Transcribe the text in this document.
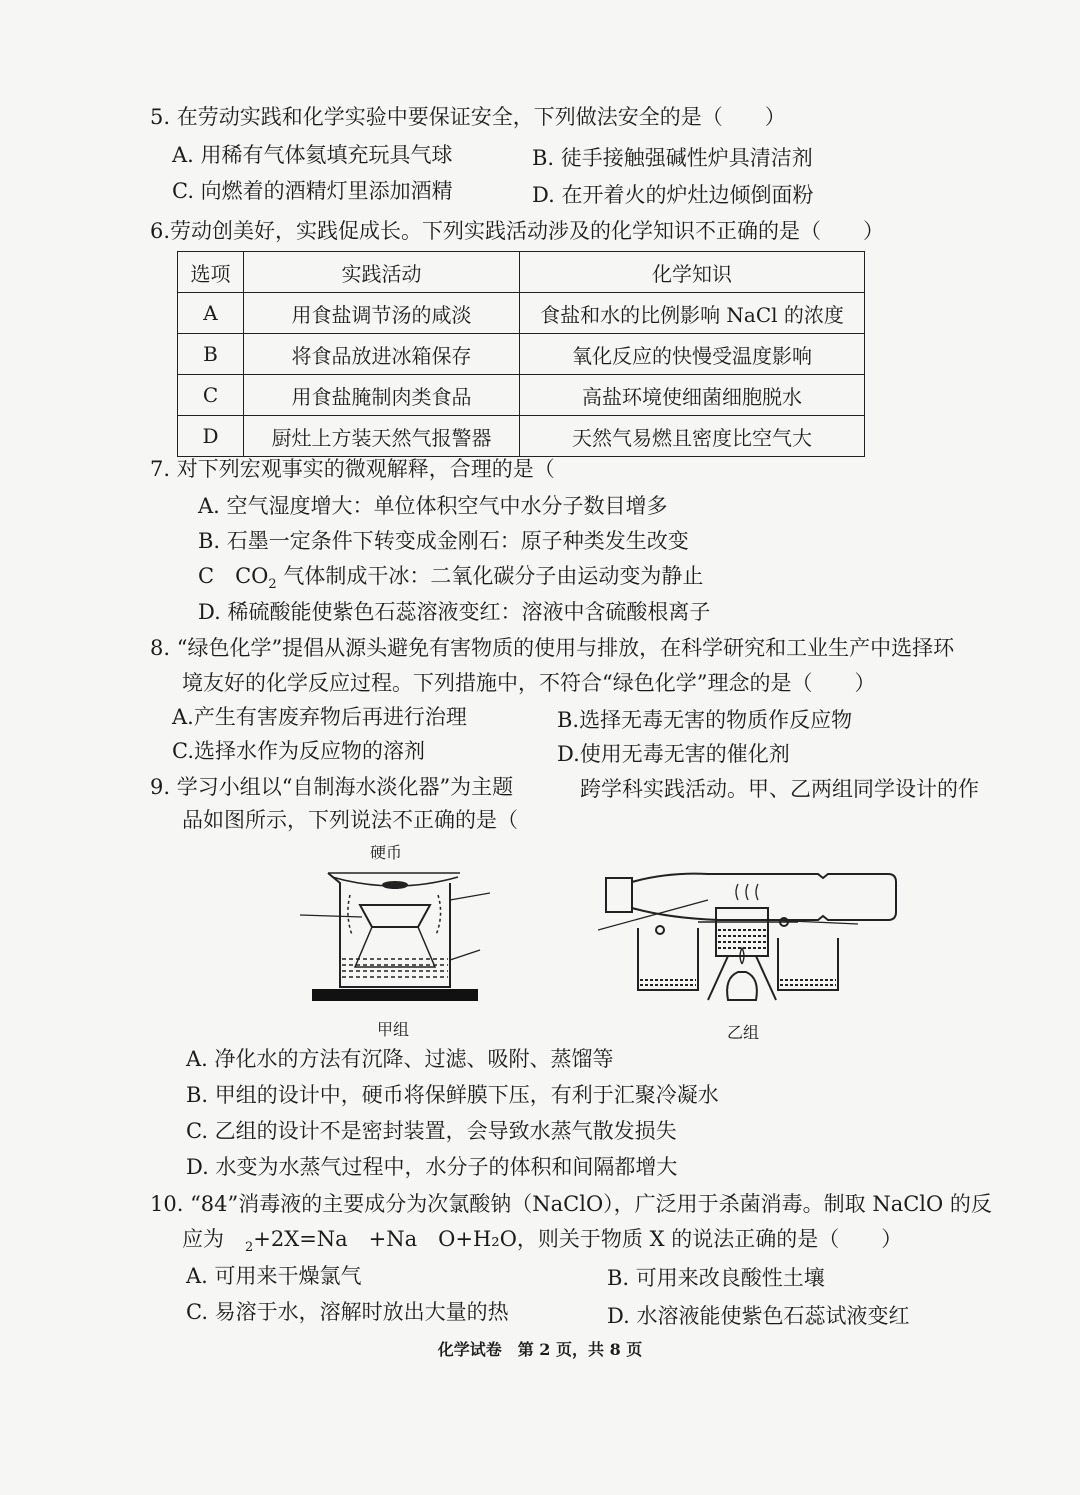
5. 在劳动实践和化学实验中要保证安全，下列做法安全的是（　　）
A. 用稀有气体氦填充玩具气球	B. 徒手接触强碱性炉具清洁剂
C. 向燃着的酒精灯里添加酒精	D. 在开着火的炉灶边倾倒面粉
6.劳动创美好，实践促成长。下列实践活动涉及的化学知识不正确的是（　　）
选项	实践活动	化学知识
A	用食盐调节汤的咸淡	食盐和水的比例影响 NaCl 的浓度
B	将食品放进冰箱保存	氧化反应的快慢受温度影响
C	用食盐腌制肉类食品	高盐环境使细菌细胞脱水
D	厨灶上方装天然气报警器	天然气易燃且密度比空气大
7. 对下列宏观事实的微观解释，合理的是（
A. 空气湿度增大：单位体积空气中水分子数目增多
B. 石墨一定条件下转变成金刚石：原子种类发生改变
C　$CO_2$ 气体制成干冰：二氧化碳分子由运动变为静止
D. 稀硫酸能使紫色石蕊溶液变红：溶液中含硫酸根离子
8. “绿色化学”提倡从源头避免有害物质的使用与排放，在科学研究和工业生产中选择环
境友好的化学反应过程。下列措施中，不符合“绿色化学”理念的是（　　）
A.产生有害废弃物后再进行治理	B.选择无毒无害的物质作反应物
C.选择水作为反应物的溶剂	D.使用无毒无害的催化剂
9. 学习小组以“自制海水淡化器”为主题	跨学科实践活动。甲、乙两组同学设计的作
品如图所示，下列说法不正确的是（
硬币
甲组	乙组
A. 净化水的方法有沉降、过滤、吸附、蒸馏等
B. 甲组的设计中，硬币将保鲜膜下压，有利于汇聚冷凝水
C. 乙组的设计不是密封装置，会导致水蒸气散发损失
D. 水变为水蒸气过程中，水分子的体积和间隔都增大
10. “84”消毒液的主要成分为次氯酸钠（NaClO），广泛用于杀菌消毒。制取 NaClO 的反
应为　$_2$+2X=Na　+Na　O+H₂O，则关于物质 X 的说法正确的是（　　）
A. 可用来干燥氯气	B. 可用来改良酸性土壤
C. 易溶于水，溶解时放出大量的热	D. 水溶液能使紫色石蕊试液变红
化学试卷　第 2 页，共 8 页
